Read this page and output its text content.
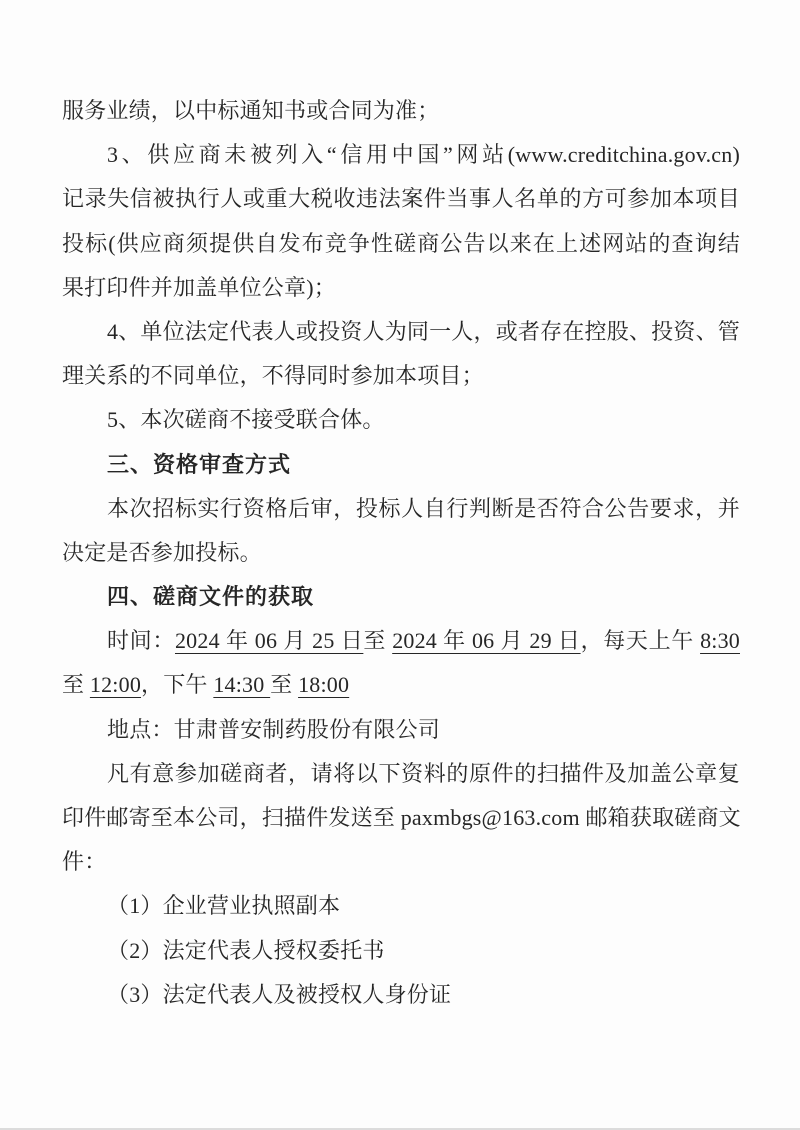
服务业绩，以中标通知书或合同为准；
3、供应商未被列入“信用中国”网站(www.creditchina.gov.cn)
记录失信被执行人或重大税收违法案件当事人名单的方可参加本项目
投标(供应商须提供自发布竞争性磋商公告以来在上述网站的查询结
果打印件并加盖单位公章)；
4、单位法定代表人或投资人为同一人，或者存在控股、投资、管
理关系的不同单位，不得同时参加本项目；
5、本次磋商不接受联合体。
三、资格审查方式
本次招标实行资格后审，投标人自行判断是否符合公告要求，并
决定是否参加投标。
四、磋商文件的获取
时间：2024 年 06 月 25 日至 2024 年 06 月 29 日，每天上午 8:30
至 12:00，下午 14:30 至 18:00
地点：甘肃普安制药股份有限公司
凡有意参加磋商者，请将以下资料的原件的扫描件及加盖公章复
印件邮寄至本公司，扫描件发送至 paxmbgs@163.com 邮箱获取磋商文
件：
（1）企业营业执照副本
（2）法定代表人授权委托书
（3）法定代表人及被授权人身份证
